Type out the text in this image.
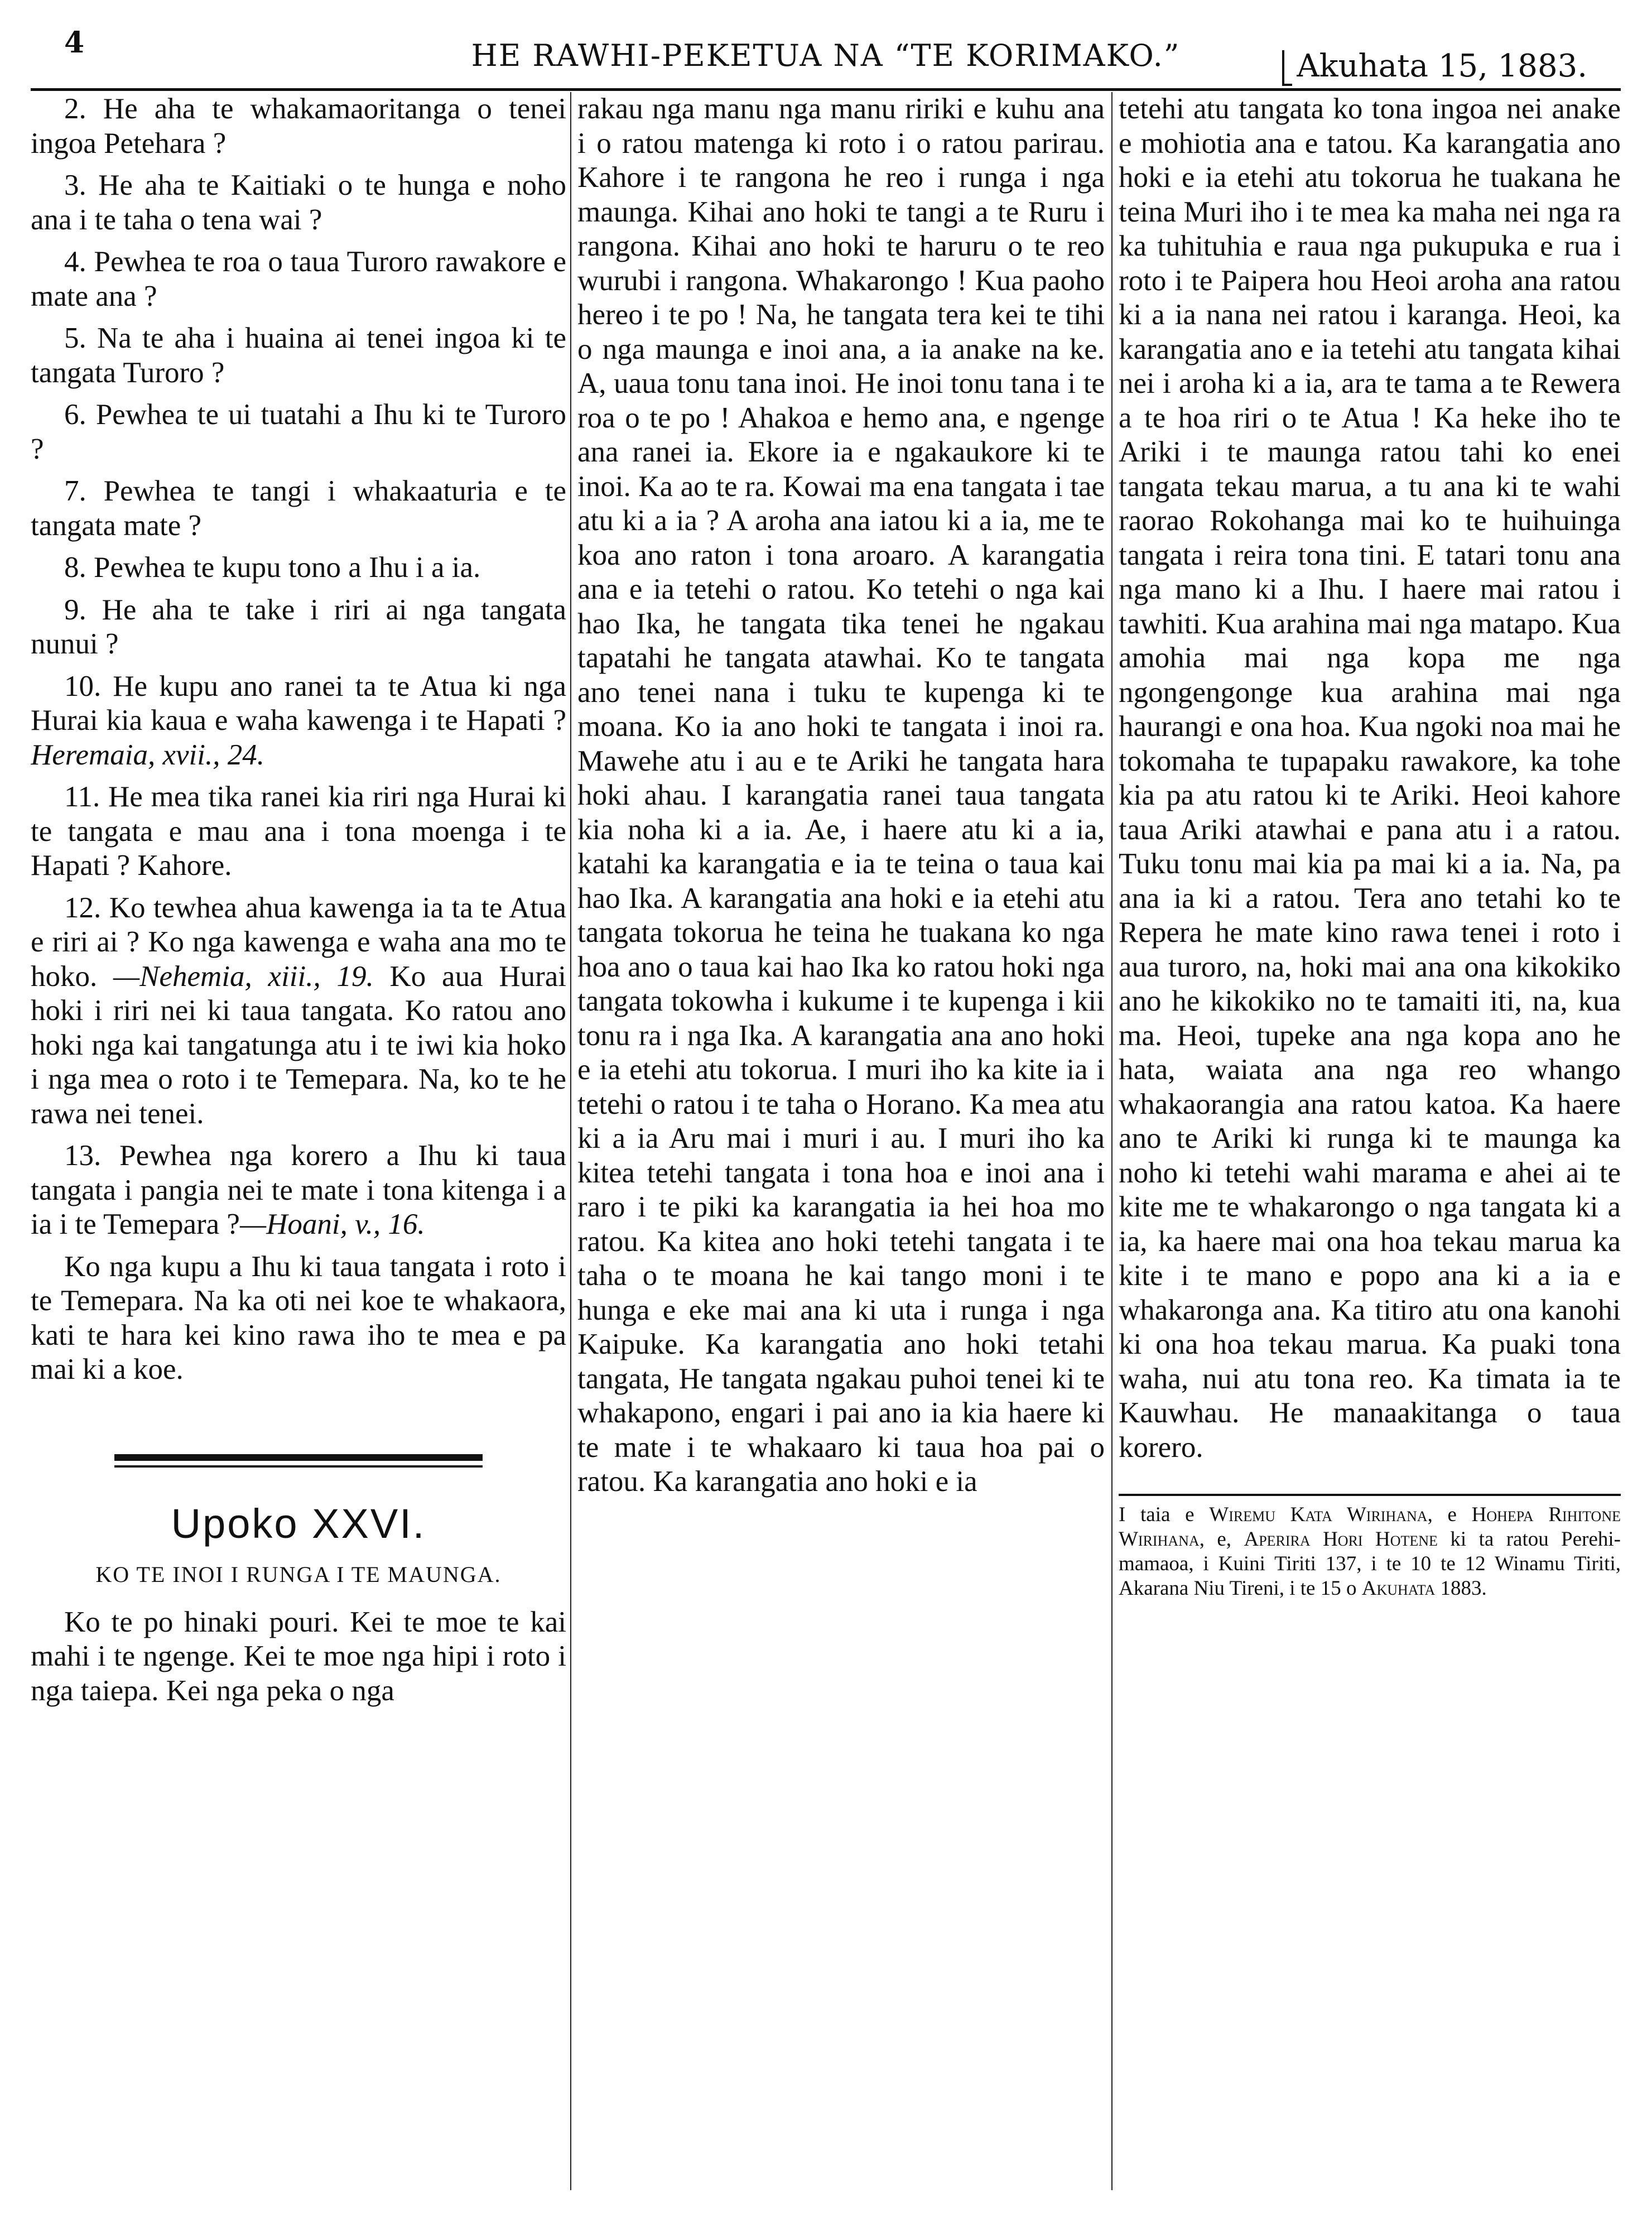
4	HE RAWHI-PEKETUA NA “TE KORIMAKO.”	Akuhata 15, 1883.

2. He aha te whakamaoritanga o tenei ingoa Petehara ?

3. He aha te Kaitiaki o te hunga e noho ana i te taha o tena wai ?

4. Pewhea te roa o taua Turoro rawakore e mate ana ?

5. Na te aha i huaina ai tenei ingoa ki te tangata Turoro ?

6. Pewhea te ui tuatahi a Ihu ki te Turoro ?

7. Pewhea te tangi i whakaaturia e te tangata mate ?

8. Pewhea te kupu tono a Ihu i a ia.

9. He aha te take i riri ai nga tangata nunui ?

10. He kupu ano ranei ta te Atua ki nga Hurai kia kaua e waha kawenga i te Hapati ? Heremaia, xvii., 24.

11. He mea tika ranei kia riri nga Hurai ki te tangata e mau ana i tona moenga i te Hapati ? Kahore.

12. Ko tewhea ahua kawenga ia ta te Atua e riri ai ? Ko nga kawenga e waha ana mo te hoko. —Nehemia, xiii., 19. Ko aua Hurai hoki i riri nei ki taua tangata. Ko ratou ano hoki nga kai tangatunga atu i te iwi kia hoko i nga mea o roto i te Temepara. Na, ko te he rawa nei tenei.

13. Pewhea nga korero a Ihu ki taua tangata i pangia nei te mate i tona kitenga i a ia i te Temepara ?—Hoani, v., 16.

Ko nga kupu a Ihu ki taua tangata i roto i te Temepara. Na ka oti nei koe te whakaora, kati te hara kei kino rawa iho te mea e pa mai ki a koe.

Upoko XXVI.
KO TE INOI I RUNGA I TE MAUNGA.

Ko te po hinaki pouri. Kei te moe te kai mahi i te ngenge. Kei te moe nga hipi i roto i nga taiepa. Kei nga peka o nga

rakau nga manu nga manu ririki e kuhu ana i o ratou matenga ki roto i o ratou parirau. Kahore i te rangona he reo i runga i nga maunga. Kihai ano hoki te tangi a te Ruru i rangona. Kihai ano hoki te haruru o te reo wurubi i rangona. Whakarongo ! Kua paoho hereo i te po ! Na, he tangata tera kei te tihi o nga maunga e inoi ana, a ia anake na ke. A, uaua tonu tana inoi. He inoi tonu tana i te roa o te po ! Ahakoa e hemo ana, e ngenge ana ranei ia. Ekore ia e ngakaukore ki te inoi. Ka ao te ra. Kowai ma ena tangata i tae atu ki a ia ? A aroha ana iatou ki a ia, me te koa ano raton i tona aroaro. A karangatia ana e ia tetehi o ratou. Ko tetehi o nga kai hao Ika, he tangata tika tenei he ngakau tapatahi he tangata atawhai. Ko te tangata ano tenei nana i tuku te kupenga ki te moana. Ko ia ano hoki te tangata i inoi ra. Mawehe atu i au e te Ariki he tangata hara hoki ahau. I karangatia ranei taua tangata kia noha ki a ia. Ae, i haere atu ki a ia, katahi ka karangatia e ia te teina o taua kai hao Ika. A karangatia ana hoki e ia etehi atu tangata tokorua he teina he tuakana ko nga hoa ano o taua kai hao Ika ko ratou hoki nga tangata tokowha i kukume i te kupenga i kii tonu ra i nga Ika. A karangatia ana ano hoki e ia etehi atu tokorua. I muri iho ka kite ia i tetehi o ratou i te taha o Horano. Ka mea atu ki a ia Aru mai i muri i au. I muri iho ka kitea tetehi tangata i tona hoa e inoi ana i raro i te piki ka karangatia ia hei hoa mo ratou. Ka kitea ano hoki tetehi tangata i te taha o te moana he kai tango moni i te hunga e eke mai ana ki uta i runga i nga Kaipuke. Ka karangatia ano hoki tetahi tangata, He tangata ngakau puhoi tenei ki te whakapono, engari i pai ano ia kia haere ki te mate i te whakaaro ki taua hoa pai o ratou. Ka karangatia ano hoki e ia

tetehi atu tangata ko tona ingoa nei anake e mohiotia ana e tatou. Ka karangatia ano hoki e ia etehi atu tokorua he tuakana he teina Muri iho i te mea ka maha nei nga ra ka tuhituhia e raua nga pukupuka e rua i roto i te Paipera hou Heoi aroha ana ratou ki a ia nana nei ratou i karanga. Heoi, ka karangatia ano e ia tetehi atu tangata kihai nei i aroha ki a ia, ara te tama a te Rewera a te hoa riri o te Atua ! Ka heke iho te Ariki i te maunga ratou tahi ko enei tangata tekau marua, a tu ana ki te wahi raorao Rokohanga mai ko te huihuinga tangata i reira tona tini. E tatari tonu ana nga mano ki a Ihu. I haere mai ratou i tawhiti. Kua arahina mai nga matapo. Kua amohia mai nga kopa me nga ngongengonge kua arahina mai nga haurangi e ona hoa. Kua ngoki noa mai he tokomaha te tupapaku rawakore, ka tohe kia pa atu ratou ki te Ariki. Heoi kahore taua Ariki atawhai e pana atu i a ratou. Tuku tonu mai kia pa mai ki a ia. Na, pa ana ia ki a ratou. Tera ano tetahi ko te Repera he mate kino rawa tenei i roto i aua turoro, na, hoki mai ana ona kikokiko ano he kikokiko no te tamaiti iti, na, kua ma. Heoi, tupeke ana nga kopa ano he hata, waiata ana nga reo whango whakaorangia ana ratou katoa. Ka haere ano te Ariki ki runga ki te maunga ka noho ki tetehi wahi marama e ahei ai te kite me te whakarongo o nga tangata ki a ia, ka haere mai ona hoa tekau marua ka kite i te mano e popo ana ki a ia e whakaronga ana. Ka titiro atu ona kanohi ki ona hoa tekau marua. Ka puaki tona waha, nui atu tona reo. Ka timata ia te Kauwhau. He manaakitanga o taua korero.

I taia e Wiremu Kata Wirihana, e Hohepa Rihitone Wirihana, e, Aperira Hori Hotene ki ta ratou Perehi-mamaoa, i Kuini Tiriti 137, i te 10 te 12 Winamu Tiriti, Akarana Niu Tireni, i te 15 o Akuhata 1883.
